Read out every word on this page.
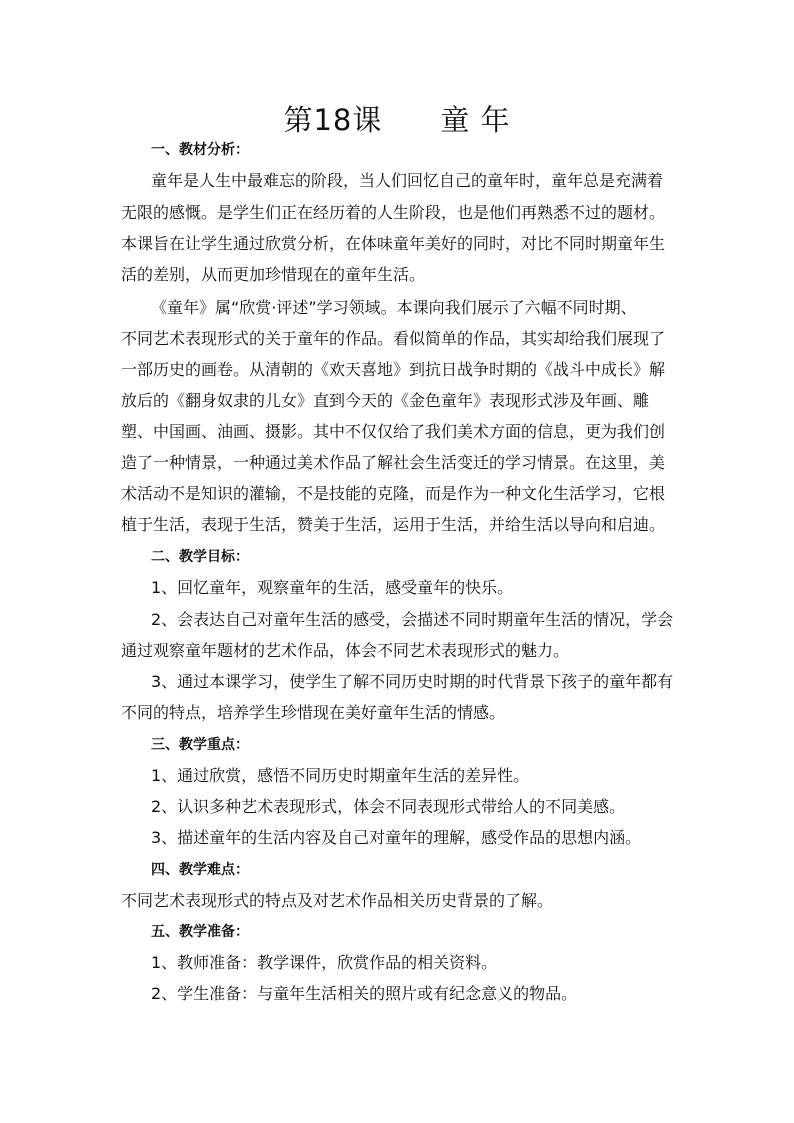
第18课 童 年
一、教材分析：
童年是人生中最难忘的阶段，当人们回忆自己的童年时，童年总是充满着
无限的感慨。是学生们正在经历着的人生阶段，也是他们再熟悉不过的题材。
本课旨在让学生通过欣赏分析，在体味童年美好的同时，对比不同时期童年生
活的差别，从而更加珍惜现在的童年生活。
《童年》属“欣赏·评述”学习领域。本课向我们展示了六幅不同时期、
不同艺术表现形式的关于童年的作品。看似简单的作品，其实却给我们展现了
一部历史的画卷。从清朝的《欢天喜地》到抗日战争时期的《战斗中成长》解
放后的《翻身奴隶的儿女》直到今天的《金色童年》表现形式涉及年画、雕
塑、中国画、油画、摄影。其中不仅仅给了我们美术方面的信息，更为我们创
造了一种情景，一种通过美术作品了解社会生活变迁的学习情景。在这里，美
术活动不是知识的灌输，不是技能的克隆，而是作为一种文化生活学习，它根
植于生活，表现于生活，赞美于生活，运用于生活，并给生活以导向和启迪。
二、教学目标：
1、回忆童年，观察童年的生活，感受童年的快乐。
2、会表达自己对童年生活的感受，会描述不同时期童年生活的情况，学会
通过观察童年题材的艺术作品，体会不同艺术表现形式的魅力。
3、通过本课学习，使学生了解不同历史时期的时代背景下孩子的童年都有
不同的特点，培养学生珍惜现在美好童年生活的情感。
三、教学重点：
1、通过欣赏，感悟不同历史时期童年生活的差异性。
2、认识多种艺术表现形式，体会不同表现形式带给人的不同美感。
3、描述童年的生活内容及自己对童年的理解，感受作品的思想内涵。
四、教学难点：
不同艺术表现形式的特点及对艺术作品相关历史背景的了解。
五、教学准备：
1、教师准备：教学课件，欣赏作品的相关资料。
2、学生准备：与童年生活相关的照片或有纪念意义的物品。
